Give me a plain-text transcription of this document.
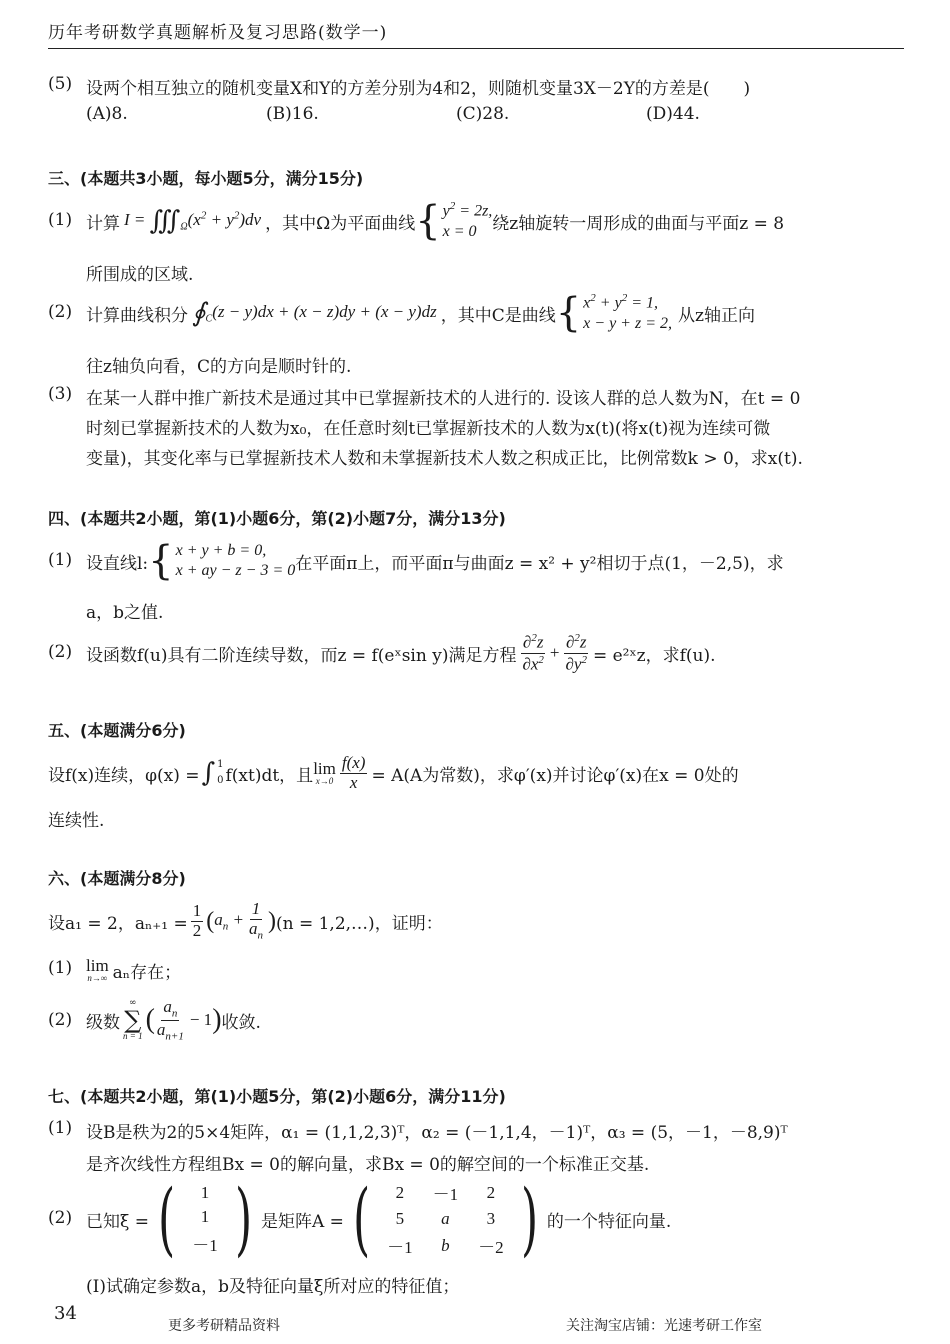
历年考研数学真题解析及复习思路(数学一)
(5) 设两个相互独立的随机变量X和Y的方差分别为4和2，则随机变量3X－2Y的方差是(　　)
(A)8.	(B)16.	(C)28.	(D)44.
三、(本题共3小题，每小题5分，满分15分)
(1) 计算 $I = ∭_\Omega(x^2 + y^2)dv$ ，其中Ω为平面曲线 { $y^2 = 2z$,
x = 0 绕z轴旋转一周形成的曲面与平面z = 8
所围成的区域.
(2) 计算曲线积分 $∮_C(z - y)dx + (x - z)dy + (x - y)dz$ ，其中C是曲线 { $x^2 + y^2 = 1$,
x − y + z = 2, 从z轴正向
往z轴负向看，C的方向是顺时针的.
(3) 在某一人群中推广新技术是通过其中已掌握新技术的人进行的. 设该人群的总人数为N，在t = 0
时刻已掌握新技术的人数为x₀，在任意时刻t已掌握新技术的人数为x(t)(将x(t)视为连续可微
变量)，其变化率与已掌握新技术人数和未掌握新技术人数之积成正比，比例常数k > 0，求x(t).
四、(本题共2小题，第(1)小题6分，第(2)小题7分，满分13分)
(1) 设直线l: { x + y + b = 0,
x + ay − z − 3 = 0 在平面π上，而平面π与曲面z = x² + y²相切于点(1，－2,5)，求
a，b之值.
(2) 设函数f(u)具有二阶连续导数，而z = f(eˣsin y)满足方程 $\frac{\partial^2z}{\partial x^2} + \frac{\partial^2z}{\partial y^2}$ = e²ˣz，求f(u).
五、(本题满分6分)
设f(x)连续，φ(x) = ∫ 1
0 f(xt)dt，且 lim
$x\to 0 \frac{f(x)}{x} = A(A$为常数)，求φ′(x)并讨论φ′(x)在x = 0处的
连续性.
六、(本题满分8分)
设a₁ = 2，$a_{n+1} = \frac{1}{2}$ ( $a_n + \frac{1}{a_n}$ ) (n = 1,2,…)，证明：
(1) lim
n→∞ aₙ存在；
(2) 级数
∞
∑
n = 1
( $\frac{a_n}{a_{n+1}} - 1$ ) 收敛.
七、(本题共2小题，第(1)小题5分，第(2)小题6分，满分11分)
(1) 设B是秩为2的5×4矩阵，α₁ = (1,1,2,3)ᵀ，α₂ = (－1,1,4，－1)ᵀ，α₃ = (5，－1，－8,9)ᵀ
是齐次线性方程组Bx = 0的解向量，求Bx = 0的解空间的一个标准正交基.
(2) 已知ξ = ( 1
1
－1 ) 是矩阵A = ( 2	－1	2
5	a	3
－1	b	－2 ) 的一个特征向量.
(Ⅰ)试确定参数a，b及特征向量ξ所对应的特征值；
34
更多考研精品资料	关注淘宝店铺：光速考研工作室
